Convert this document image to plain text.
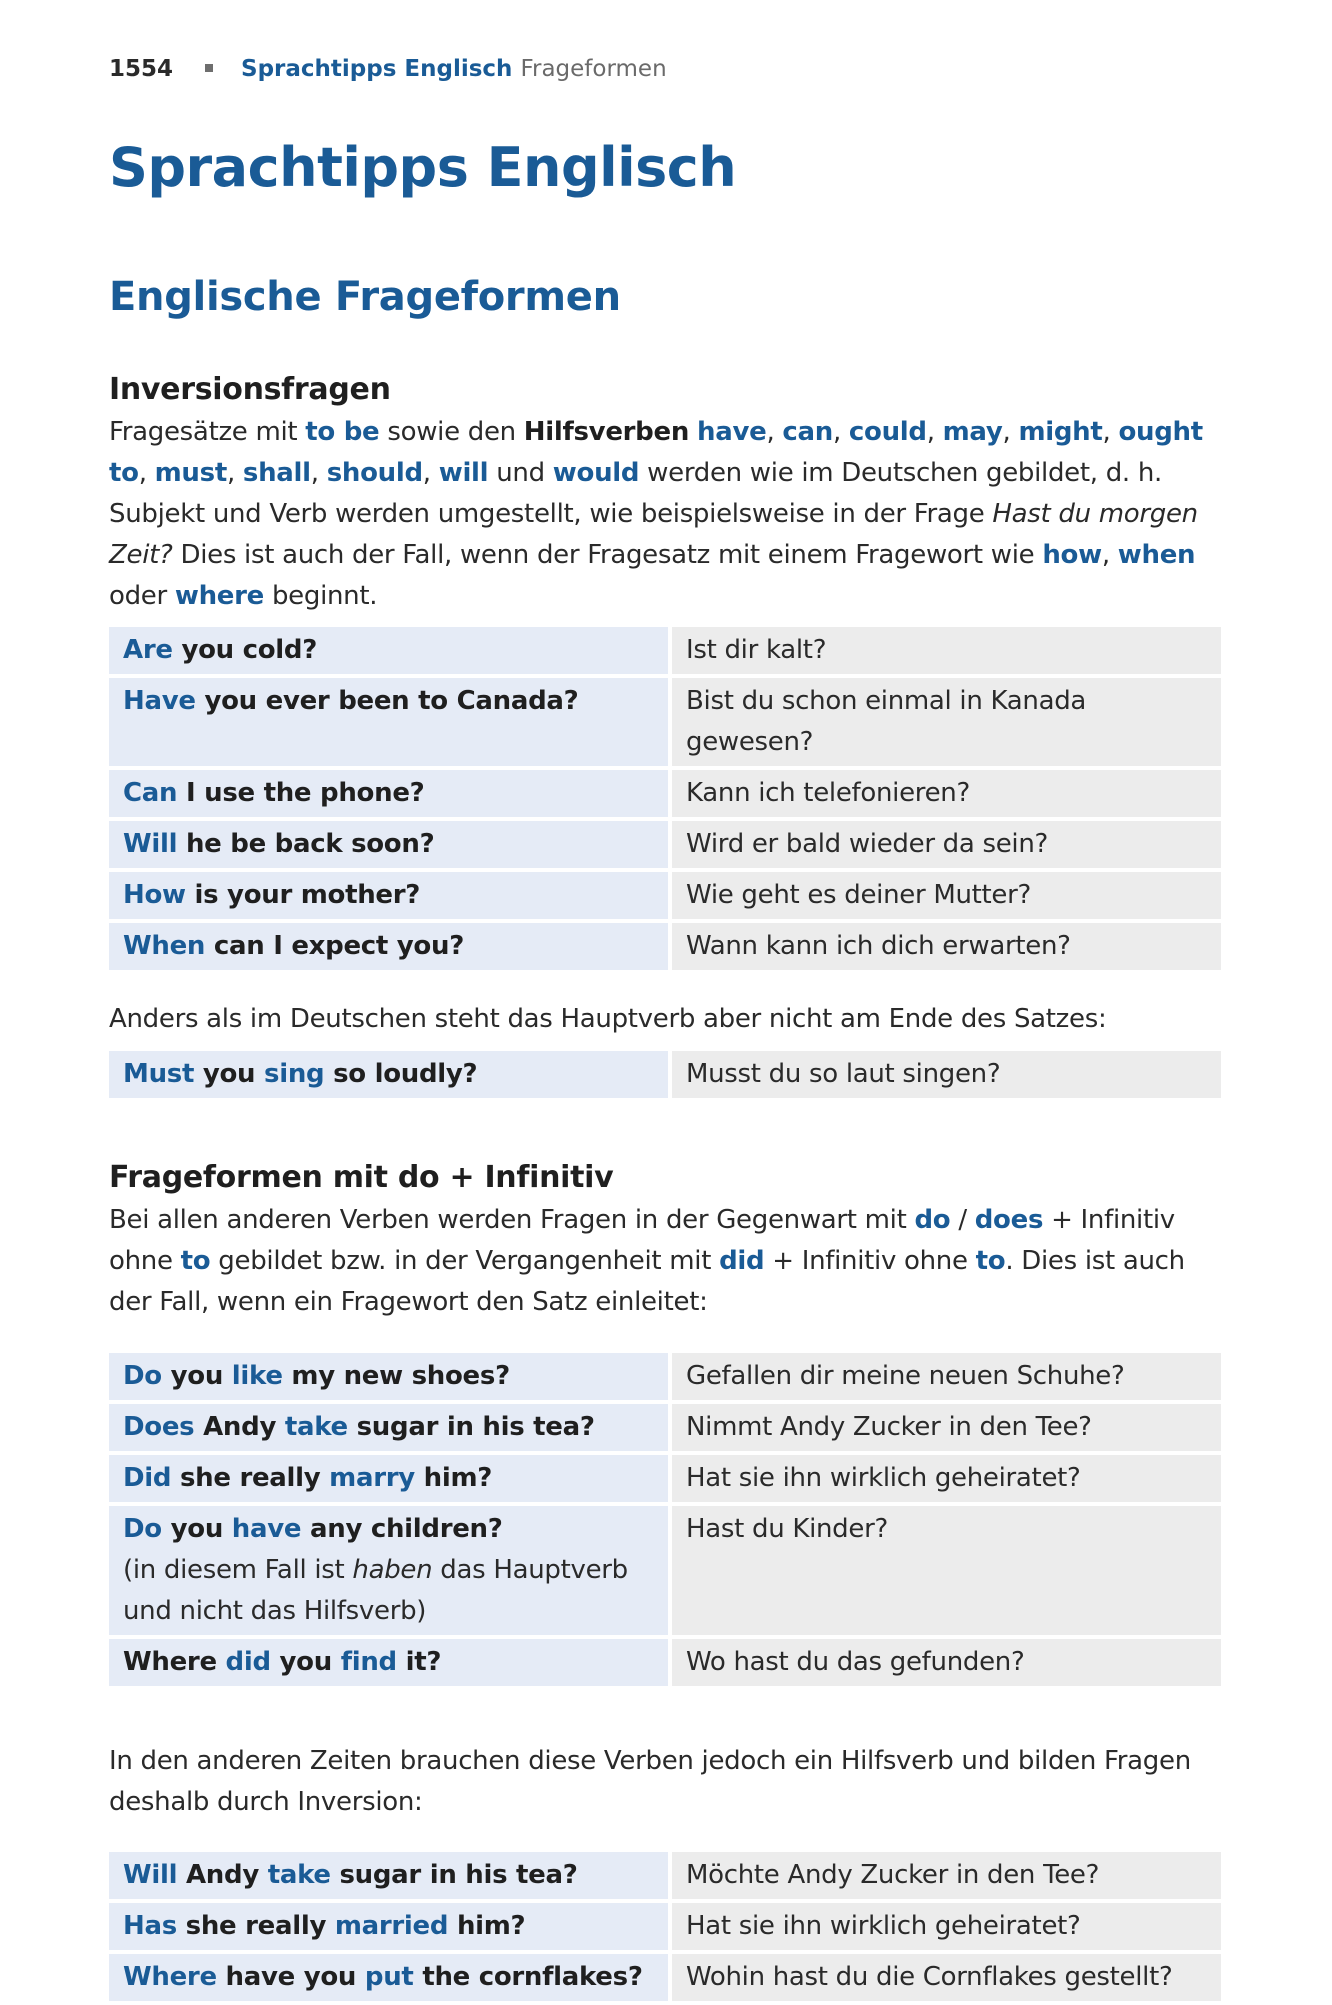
1554	Sprachtipps Englisch Frageformen
Sprachtipps Englisch
Englische Frageformen
Inversionsfragen

Fragesätze mit to be sowie den Hilfsverben have, can, could, may, might, ought to, must, shall, should, will und would werden wie im Deutschen gebildet, d. h. Subjekt und Verb werden umgestellt, wie beispielsweise in der Frage Hast du morgen Zeit? Dies ist auch der Fall, wenn der Fragesatz mit einem Fragewort wie how, when oder where beginnt.

Are you cold?	Ist dir kalt?
Have you ever been to Canada?	Bist du schon einmal in Kanada gewesen?
Can I use the phone?	Kann ich telefonieren?
Will he be back soon?	Wird er bald wieder da sein?
How is your mother?	Wie geht es deiner Mutter?
When can I expect you?	Wann kann ich dich erwarten?

Anders als im Deutschen steht das Hauptverb aber nicht am Ende des Satzes:

Must you sing so loudly?	Musst du so laut singen?
Frageformen mit do + Infinitiv

Bei allen anderen Verben werden Fragen in der Gegenwart mit do / does + Infinitiv ohne to gebildet bzw. in der Vergangenheit mit did + Infinitiv ohne to. Dies ist auch der Fall, wenn ein Fragewort den Satz einleitet:

Do you like my new shoes?	Gefallen dir meine neuen Schuhe?
Does Andy take sugar in his tea?	Nimmt Andy Zucker in den Tee?
Did she really marry him?	Hat sie ihn wirklich geheiratet?
Do you have any children?
(in diesem Fall ist haben das Hauptverb und nicht das Hilfsverb)	Hast du Kinder?
Where did you find it?	Wo hast du das gefunden?

In den anderen Zeiten brauchen diese Verben jedoch ein Hilfsverb und bilden Fragen deshalb durch Inversion:

Will Andy take sugar in his tea?	Möchte Andy Zucker in den Tee?
Has she really married him?	Hat sie ihn wirklich geheiratet?
Where have you put the cornflakes?	Wohin hast du die Cornflakes gestellt?
